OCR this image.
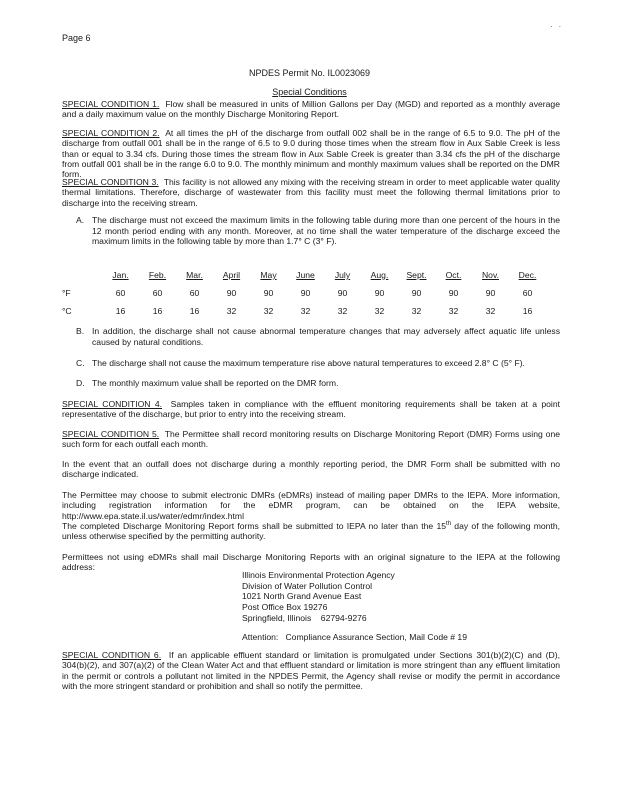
Page 6
. .
NPDES Permit No. IL0023069
Special Conditions
SPECIAL CONDITION 1. Flow shall be measured in units of Million Gallons per Day (MGD) and reported as a monthly average and a daily maximum value on the monthly Discharge Monitoring Report.
SPECIAL CONDITION 2. At all times the pH of the discharge from outfall 002 shall be in the range of 6.5 to 9.0. The pH of the discharge from outfall 001 shall be in the range of 6.5 to 9.0 during those times when the stream flow in Aux Sable Creek is less than or equal to 3.34 cfs. During those times the stream flow in Aux Sable Creek is greater than 3.34 cfs the pH of the discharge from outfall 001 shall be in the range 6.0 to 9.0. The monthly minimum and monthly maximum values shall be reported on the DMR form.
SPECIAL CONDITION 3. This facility is not allowed any mixing with the receiving stream in order to meet applicable water quality thermal limitations. Therefore, discharge of wastewater from this facility must meet the following thermal limitations prior to discharge into the receiving stream.
A. The discharge must not exceed the maximum limits in the following table during more than one percent of the hours in the 12 month period ending with any month. Moreover, at no time shall the water temperature of the discharge exceed the maximum limits in the following table by more than 1.7° C (3° F).
	Jan.	Feb.	Mar.	April	May	June	July	Aug.	Sept.	Oct.	Nov.	Dec.
°F	60	60	60	90	90	90	90	90	90	90	90	60
°C	16	16	16	32	32	32	32	32	32	32	32	16
B. In addition, the discharge shall not cause abnormal temperature changes that may adversely affect aquatic life unless caused by natural conditions.
C. The discharge shall not cause the maximum temperature rise above natural temperatures to exceed 2.8° C (5° F).
D. The monthly maximum value shall be reported on the DMR form.
SPECIAL CONDITION 4. Samples taken in compliance with the effluent monitoring requirements shall be taken at a point representative of the discharge, but prior to entry into the receiving stream.
SPECIAL CONDITION 5. The Permittee shall record monitoring results on Discharge Monitoring Report (DMR) Forms using one such form for each outfall each month.
In the event that an outfall does not discharge during a monthly reporting period, the DMR Form shall be submitted with no discharge indicated.
The Permittee may choose to submit electronic DMRs (eDMRs) instead of mailing paper DMRs to the IEPA. More information, including registration information for the eDMR program, can be obtained on the IEPA website, http://www.epa.state.il.us/water/edmr/index.html
The completed Discharge Monitoring Report forms shall be submitted to IEPA no later than the 15th day of the following month, unless otherwise specified by the permitting authority.
Permittees not using eDMRs shall mail Discharge Monitoring Reports with an original signature to the IEPA at the following address:
Illinois Environmental Protection Agency
Division of Water Pollution Control
1021 North Grand Avenue East
Post Office Box 19276
Springfield, Illinois    62794-9276
Attention:   Compliance Assurance Section, Mail Code # 19
SPECIAL CONDITION 6. If an applicable effluent standard or limitation is promulgated under Sections 301(b)(2)(C) and (D), 304(b)(2), and 307(a)(2) of the Clean Water Act and that effluent standard or limitation is more stringent than any effluent limitation in the permit or controls a pollutant not limited in the NPDES Permit, the Agency shall revise or modify the permit in accordance with the more stringent standard or prohibition and shall so notify the permittee.
